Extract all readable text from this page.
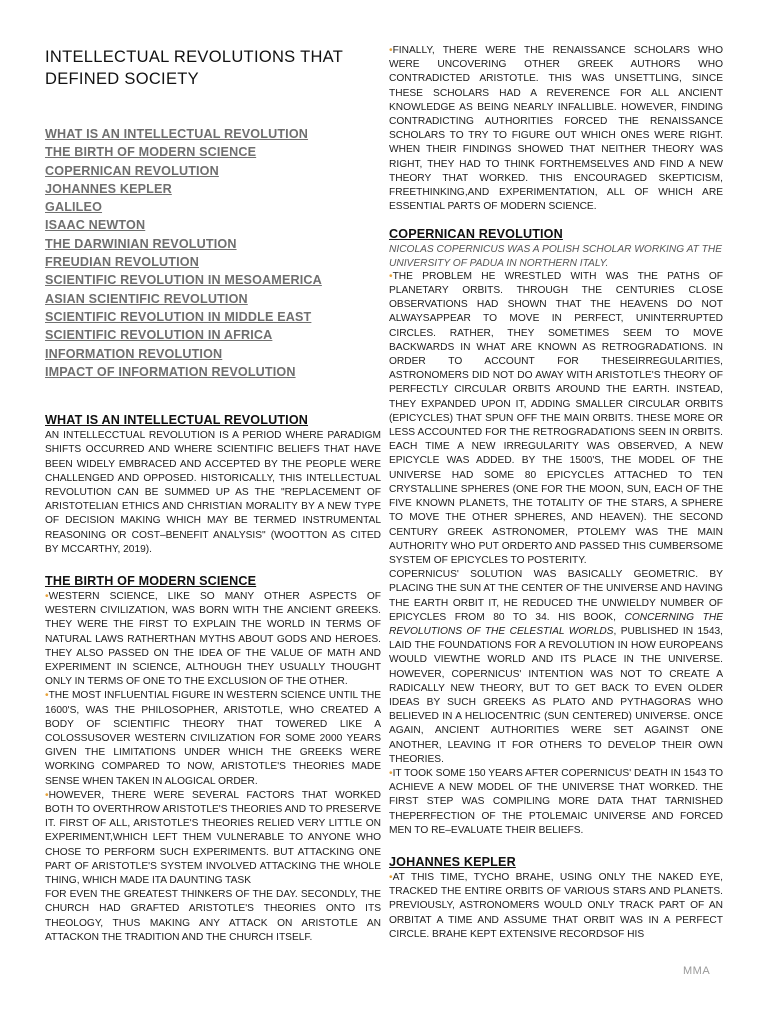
INTELLECTUAL REVOLUTIONS THAT DEFINED SOCIETY
WHAT IS AN INTELLECTUAL REVOLUTION
THE BIRTH OF MODERN SCIENCE
COPERNICAN REVOLUTION
JOHANNES KEPLER
GALILEO
ISAAC NEWTON
THE DARWINIAN REVOLUTION
FREUDIAN REVOLUTION
SCIENTIFIC REVOLUTION IN MESOAMERICA
ASIAN SCIENTIFIC REVOLUTION
SCIENTIFIC REVOLUTION IN MIDDLE EAST
SCIENTIFIC REVOLUTION IN AFRICA
INFORMATION REVOLUTION
IMPACT OF INFORMATION REVOLUTION
WHAT IS AN INTELLECTUAL REVOLUTION

AN INTELLECCTUAL REVOLUTION IS A PERIOD WHERE PARADIGM SHIFTS OCCURRED AND WHERE SCIENTIFIC BELIEFS THAT HAVE BEEN WIDELY EMBRACED AND ACCEPTED BY THE PEOPLE WERE CHALLENGED AND OPPOSED. HISTORICALLY, THIS INTELLECTUAL REVOLUTION CAN BE SUMMED UP AS THE "REPLACEMENT OF ARISTOTELIAN ETHICS AND CHRISTIAN MORALITY BY A NEW TYPE OF DECISION MAKING WHICH MAY BE TERMED INSTRUMENTAL REASONING OR COST–BENEFIT ANALYSIS" (WOOTTON AS CITED BY MCCARTHY, 2019).

THE BIRTH OF MODERN SCIENCE

•WESTERN SCIENCE, LIKE SO MANY OTHER ASPECTS OF WESTERN CIVILIZATION, WAS BORN WITH THE ANCIENT GREEKS. THEY WERE THE FIRST TO EXPLAIN THE WORLD IN TERMS OF NATURAL LAWS RATHERTHAN MYTHS ABOUT GODS AND HEROES. THEY ALSO PASSED ON THE IDEA OF THE VALUE OF MATH AND EXPERIMENT IN SCIENCE, ALTHOUGH THEY USUALLY THOUGHT ONLY IN TERMS OF ONE TO THE EXCLUSION OF THE OTHER.

•THE MOST INFLUENTIAL FIGURE IN WESTERN SCIENCE UNTIL THE 1600'S, WAS THE PHILOSOPHER, ARISTOTLE, WHO CREATED A BODY OF SCIENTIFIC THEORY THAT TOWERED LIKE A COLOSSUSOVER WESTERN CIVILIZATION FOR SOME 2000 YEARS GIVEN THE LIMITATIONS UNDER WHICH THE GREEKS WERE WORKING COMPARED TO NOW, ARISTOTLE'S THEORIES MADE SENSE WHEN TAKEN IN ALOGICAL ORDER.

•HOWEVER, THERE WERE SEVERAL FACTORS THAT WORKED BOTH TO OVERTHROW ARISTOTLE'S THEORIES AND TO PRESERVE IT. FIRST OF ALL, ARISTOTLE'S THEORIES RELIED VERY LITTLE ON EXPERIMENT,WHICH LEFT THEM VULNERABLE TO ANYONE WHO CHOSE TO PERFORM SUCH EXPERIMENTS. BUT ATTACKING ONE PART OF ARISTOTLE'S SYSTEM INVOLVED ATTACKING THE WHOLE THING, WHICH MADE ITA DAUNTING TASK

FOR EVEN THE GREATEST THINKERS OF THE DAY. SECONDLY, THE CHURCH HAD GRAFTED ARISTOTLE'S THEORIES ONTO ITS THEOLOGY, THUS MAKING ANY ATTACK ON ARISTOTLE AN ATTACKON THE TRADITION AND THE CHURCH ITSELF.

•FINALLY, THERE WERE THE RENAISSANCE SCHOLARS WHO WERE UNCOVERING OTHER GREEK AUTHORS WHO CONTRADICTED ARISTOTLE. THIS WAS UNSETTLING, SINCE THESE SCHOLARS HAD A REVERENCE FOR ALL ANCIENT KNOWLEDGE AS BEING NEARLY INFALLIBLE. HOWEVER, FINDING CONTRADICTING AUTHORITIES FORCED THE RENAISSANCE SCHOLARS TO TRY TO FIGURE OUT WHICH ONES WERE RIGHT. WHEN THEIR FINDINGS SHOWED THAT NEITHER THEORY WAS RIGHT, THEY HAD TO THINK FORTHEMSELVES AND FIND A NEW THEORY THAT WORKED. THIS ENCOURAGED SKEPTICISM, FREETHINKING,AND EXPERIMENTATION, ALL OF WHICH ARE ESSENTIAL PARTS OF MODERN SCIENCE.

COPERNICAN REVOLUTION

NICOLAS COPERNICUS WAS A POLISH SCHOLAR WORKING AT THE UNIVERSITY OF PADUA IN NORTHERN ITALY.

•THE PROBLEM HE WRESTLED WITH WAS THE PATHS OF PLANETARY ORBITS. THROUGH THE CENTURIES CLOSE OBSERVATIONS HAD SHOWN THAT THE HEAVENS DO NOT ALWAYSAPPEAR TO MOVE IN PERFECT, UNINTERRUPTED CIRCLES. RATHER, THEY SOMETIMES SEEM TO MOVE BACKWARDS IN WHAT ARE KNOWN AS RETROGRADATIONS. IN ORDER TO ACCOUNT FOR THESEIRREGULARITIES, ASTRONOMERS DID NOT DO AWAY WITH ARISTOTLE'S THEORY OF PERFECTLY CIRCULAR ORBITS AROUND THE EARTH. INSTEAD, THEY EXPANDED UPON IT, ADDING SMALLER CIRCULAR ORBITS (EPICYCLES) THAT SPUN OFF THE MAIN ORBITS. THESE MORE OR LESS ACCOUNTED FOR THE RETROGRADATIONS SEEN IN ORBITS. EACH TIME A NEW IRREGULARITY WAS OBSERVED, A NEW EPICYCLE WAS ADDED. BY THE 1500'S, THE MODEL OF THE UNIVERSE HAD SOME 80 EPICYCLES ATTACHED TO TEN CRYSTALLINE SPHERES (ONE FOR THE MOON, SUN, EACH OF THE FIVE KNOWN PLANETS, THE TOTALITY OF THE STARS, A SPHERE TO MOVE THE OTHER SPHERES, AND HEAVEN). THE SECOND CENTURY GREEK ASTRONOMER, PTOLEMY WAS THE MAIN AUTHORITY WHO PUT ORDERTO AND PASSED THIS CUMBERSOME SYSTEM OF EPICYCLES TO POSTERITY.

COPERNICUS' SOLUTION WAS BASICALLY GEOMETRIC. BY PLACING THE SUN AT THE CENTER OF THE UNIVERSE AND HAVING THE EARTH ORBIT IT, HE REDUCED THE UNWIELDY NUMBER OF EPICYCLES FROM 80 TO 34. HIS BOOK, CONCERNING THE REVOLUTIONS OF THE CELESTIAL WORLDS, PUBLISHED IN 1543, LAID THE FOUNDATIONS FOR A REVOLUTION IN HOW EUROPEANS WOULD VIEWTHE WORLD AND ITS PLACE IN THE UNIVERSE. HOWEVER, COPERNICUS' INTENTION WAS NOT TO CREATE A RADICALLY NEW THEORY, BUT TO GET BACK TO EVEN OLDER IDEAS BY SUCH GREEKS AS PLATO AND PYTHAGORAS WHO BELIEVED IN A HELIOCENTRIC (SUN CENTERED) UNIVERSE. ONCE AGAIN, ANCIENT AUTHORITIES WERE SET AGAINST ONE ANOTHER, LEAVING IT FOR OTHERS TO DEVELOP THEIR OWN THEORIES.

•IT TOOK SOME 150 YEARS AFTER COPERNICUS' DEATH IN 1543 TO ACHIEVE A NEW MODEL OF THE UNIVERSE THAT WORKED. THE FIRST STEP WAS COMPILING MORE DATA THAT TARNISHED THEPERFECTION OF THE PTOLEMAIC UNIVERSE AND FORCED MEN TO RE–EVALUATE THEIR BELIEFS.

JOHANNES KEPLER

•AT THIS TIME, TYCHO BRAHE, USING ONLY THE NAKED EYE, TRACKED THE ENTIRE ORBITS OF VARIOUS STARS AND PLANETS. PREVIOUSLY, ASTRONOMERS WOULD ONLY TRACK PART OF AN ORBITAT A TIME AND ASSUME THAT ORBIT WAS IN A PERFECT CIRCLE. BRAHE KEPT EXTENSIVE RECORDSOF HIS

MMA
